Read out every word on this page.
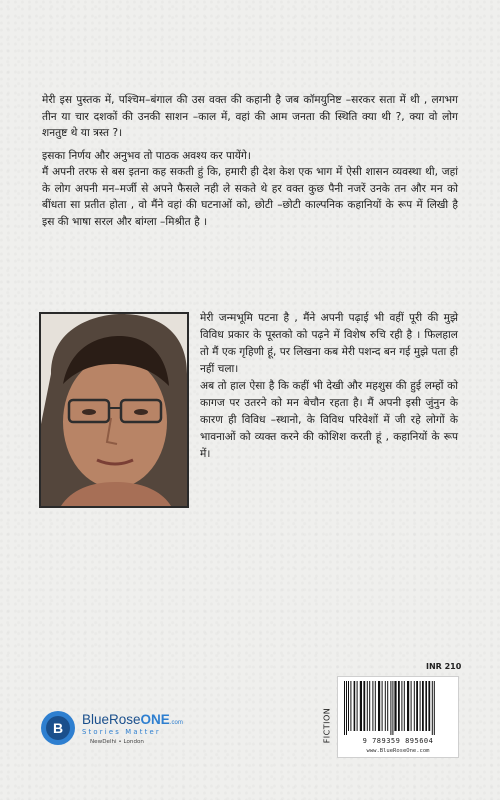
मेरी इस पुस्तक में, पश्चिम–बंगाल की उस वक्त की कहानी है जब कॉमयुनिष्ट –सरकर सता में थी , लगभग तीन या चार दशकों की उनकी साशन –काल में, वहां की आम जनता की स्थिति क्या थी ?, क्या वो लोग शनतुष्ट थे या त्रस्त ?।

इसका निर्णय और अनुभव तो पाठक अवश्य कर पायेंगे।

मैं अपनी तरफ से बस इतना कह सकती हुं कि, हमारी ही देश केश एक भाग में ऐसी शासन व्यवस्था थी, जहां के लोग अपनी मन–मर्जी से अपने फैसले नही ले सकते थे हर वक्त कुछ पैनी नजरें उनके तन और मन को बींधता सा प्रतीत होता , वो मैंने वहां की घटनाओं को, छोटी –छोटी काल्पनिक कहानियों के रूप में लिखी है इस की भाषा सरल और बांग्ला –मिश्रीत है ।

मेरी जन्मभूमि पटना है , मैंने अपनी पढ़ाई भी वहीं पूरी की मुझे विविध प्रकार के पूस्तको को पढ़ने में विशेष रुचि रही है । फिलहाल तो मैं एक गृहिणी हूं, पर लिखना कब मेरी पशन्द बन गई मुझे पता ही नहीं चला।

अब तो हाल ऐसा है कि कहीं भी देखी और महशुस की हुई लम्हों को कागज पर उतरने को मन बेचौन रहता है। मैं अपनी इसी जुंनुन के कारण ही विविध –स्थानो, के विविध परिवेशों में जी रहे लोगों के भावनाओं को व्यक्त करने की कोशिश करती हूं , कहानियों के रूप में।

INR 210
FICTION	9 789359 895604
www.BlueRoseOne.com
B
BlueRoseONE.com
Stories Matter
NewDelhi • London
